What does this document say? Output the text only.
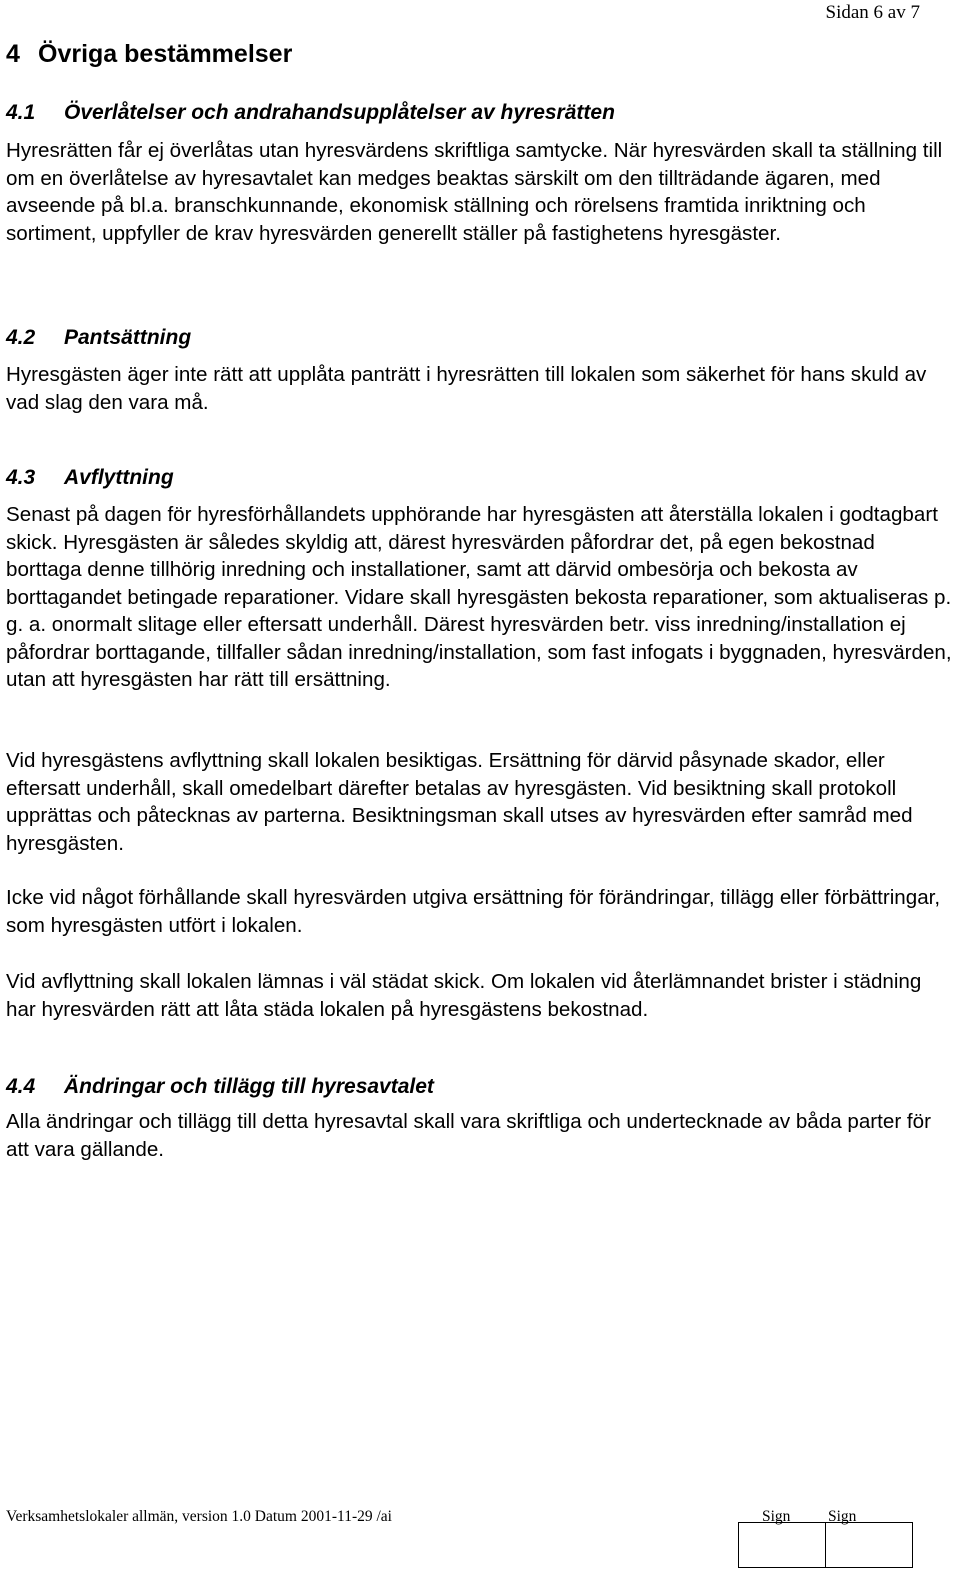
Sidan 6 av 7
4 Övriga bestämmelser
4.1 Överlåtelser och andrahandsupplåtelser av hyresrätten

Hyresrätten får ej överlåtas utan hyresvärdens skriftliga samtycke. När hyresvärden skall ta ställning till om en överlåtelse av hyresavtalet kan medges beaktas särskilt om den tillträdande ägaren, med avseende på bl.a. branschkunnande, ekonomisk ställning och rörelsens framtida inriktning och sortiment, uppfyller de krav hyresvärden generellt ställer på fastighetens hyresgäster.

4.2 Pantsättning

Hyresgästen äger inte rätt att upplåta panträtt i hyresrätten till lokalen som säkerhet för hans skuld av vad slag den vara må.

4.3 Avflyttning

Senast på dagen för hyresförhållandets upphörande har hyresgästen att återställa lokalen i godtagbart skick. Hyresgästen är således skyldig att, därest hyresvärden påfordrar det, på egen bekostnad borttaga denne tillhörig inredning och installationer, samt att därvid ombesörja och bekosta av borttagandet betingade reparationer. Vidare skall hyresgästen bekosta reparationer, som aktualiseras p. g. a. onormalt slitage eller eftersatt underhåll. Därest hyresvärden betr. viss inredning/installation ej påfordrar borttagande, tillfaller sådan inredning/installation, som fast infogats i byggnaden, hyresvärden, utan att hyresgästen har rätt till ersättning.

Vid hyresgästens avflyttning skall lokalen besiktigas. Ersättning för därvid påsynade skador, eller eftersatt underhåll, skall omedelbart därefter betalas av hyresgästen. Vid besiktning skall protokoll upprättas och påtecknas av parterna. Besiktningsman skall utses av hyresvärden efter samråd med hyresgästen.

Icke vid något förhållande skall hyresvärden utgiva ersättning för förändringar, tillägg eller förbättringar, som hyresgästen utfört i lokalen.

Vid avflyttning skall lokalen lämnas i väl städat skick. Om lokalen vid återlämnandet brister i städning har hyresvärden rätt att låta städa lokalen på hyresgästens bekostnad.

4.4 Ändringar och tillägg till hyresavtalet

Alla ändringar och tillägg till detta hyresavtal skall vara skriftliga och undertecknade av båda parter för att vara gällande.

Verksamhetslokaler allmän, version 1.0 Datum 2001-11-29 /ai	Sign Sign
